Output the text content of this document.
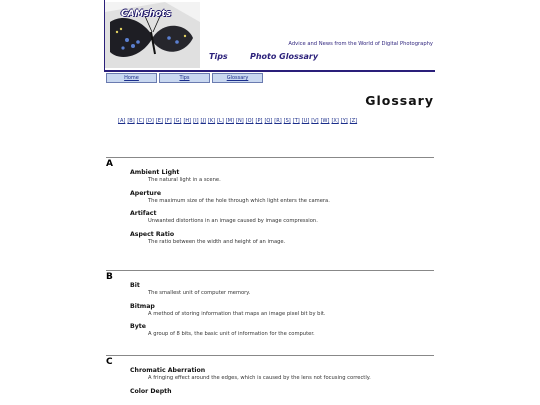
CAMshots
Advice and News from the World of Digital Photography
Tips	Photo Glossary
Home	Tips	Glossary
Glossary
[A] [B] [C] [D] [E] [F] [G] [H] [I] [J] [K] [L] [M] [N] [O] [P] [Q] [R] [S] [T] [U] [V] [W] [X] [Y] [Z]
A
Ambient Light
The natural light in a scene.
Aperture
The maximum size of the hole through which light enters the camera.
Artifact
Unwanted distortions in an image caused by image compression.
Aspect Ratio
The ratio between the width and height of an image.
B
Bit
The smallest unit of computer memory.
Bitmap
A method of storing information that maps an image pixel bit by bit.
Byte
A group of 8 bits, the basic unit of information for the computer.
C
Chromatic Aberration
A fringing effect around the edges, which is caused by the lens not focusing correctly.
Color Depth
